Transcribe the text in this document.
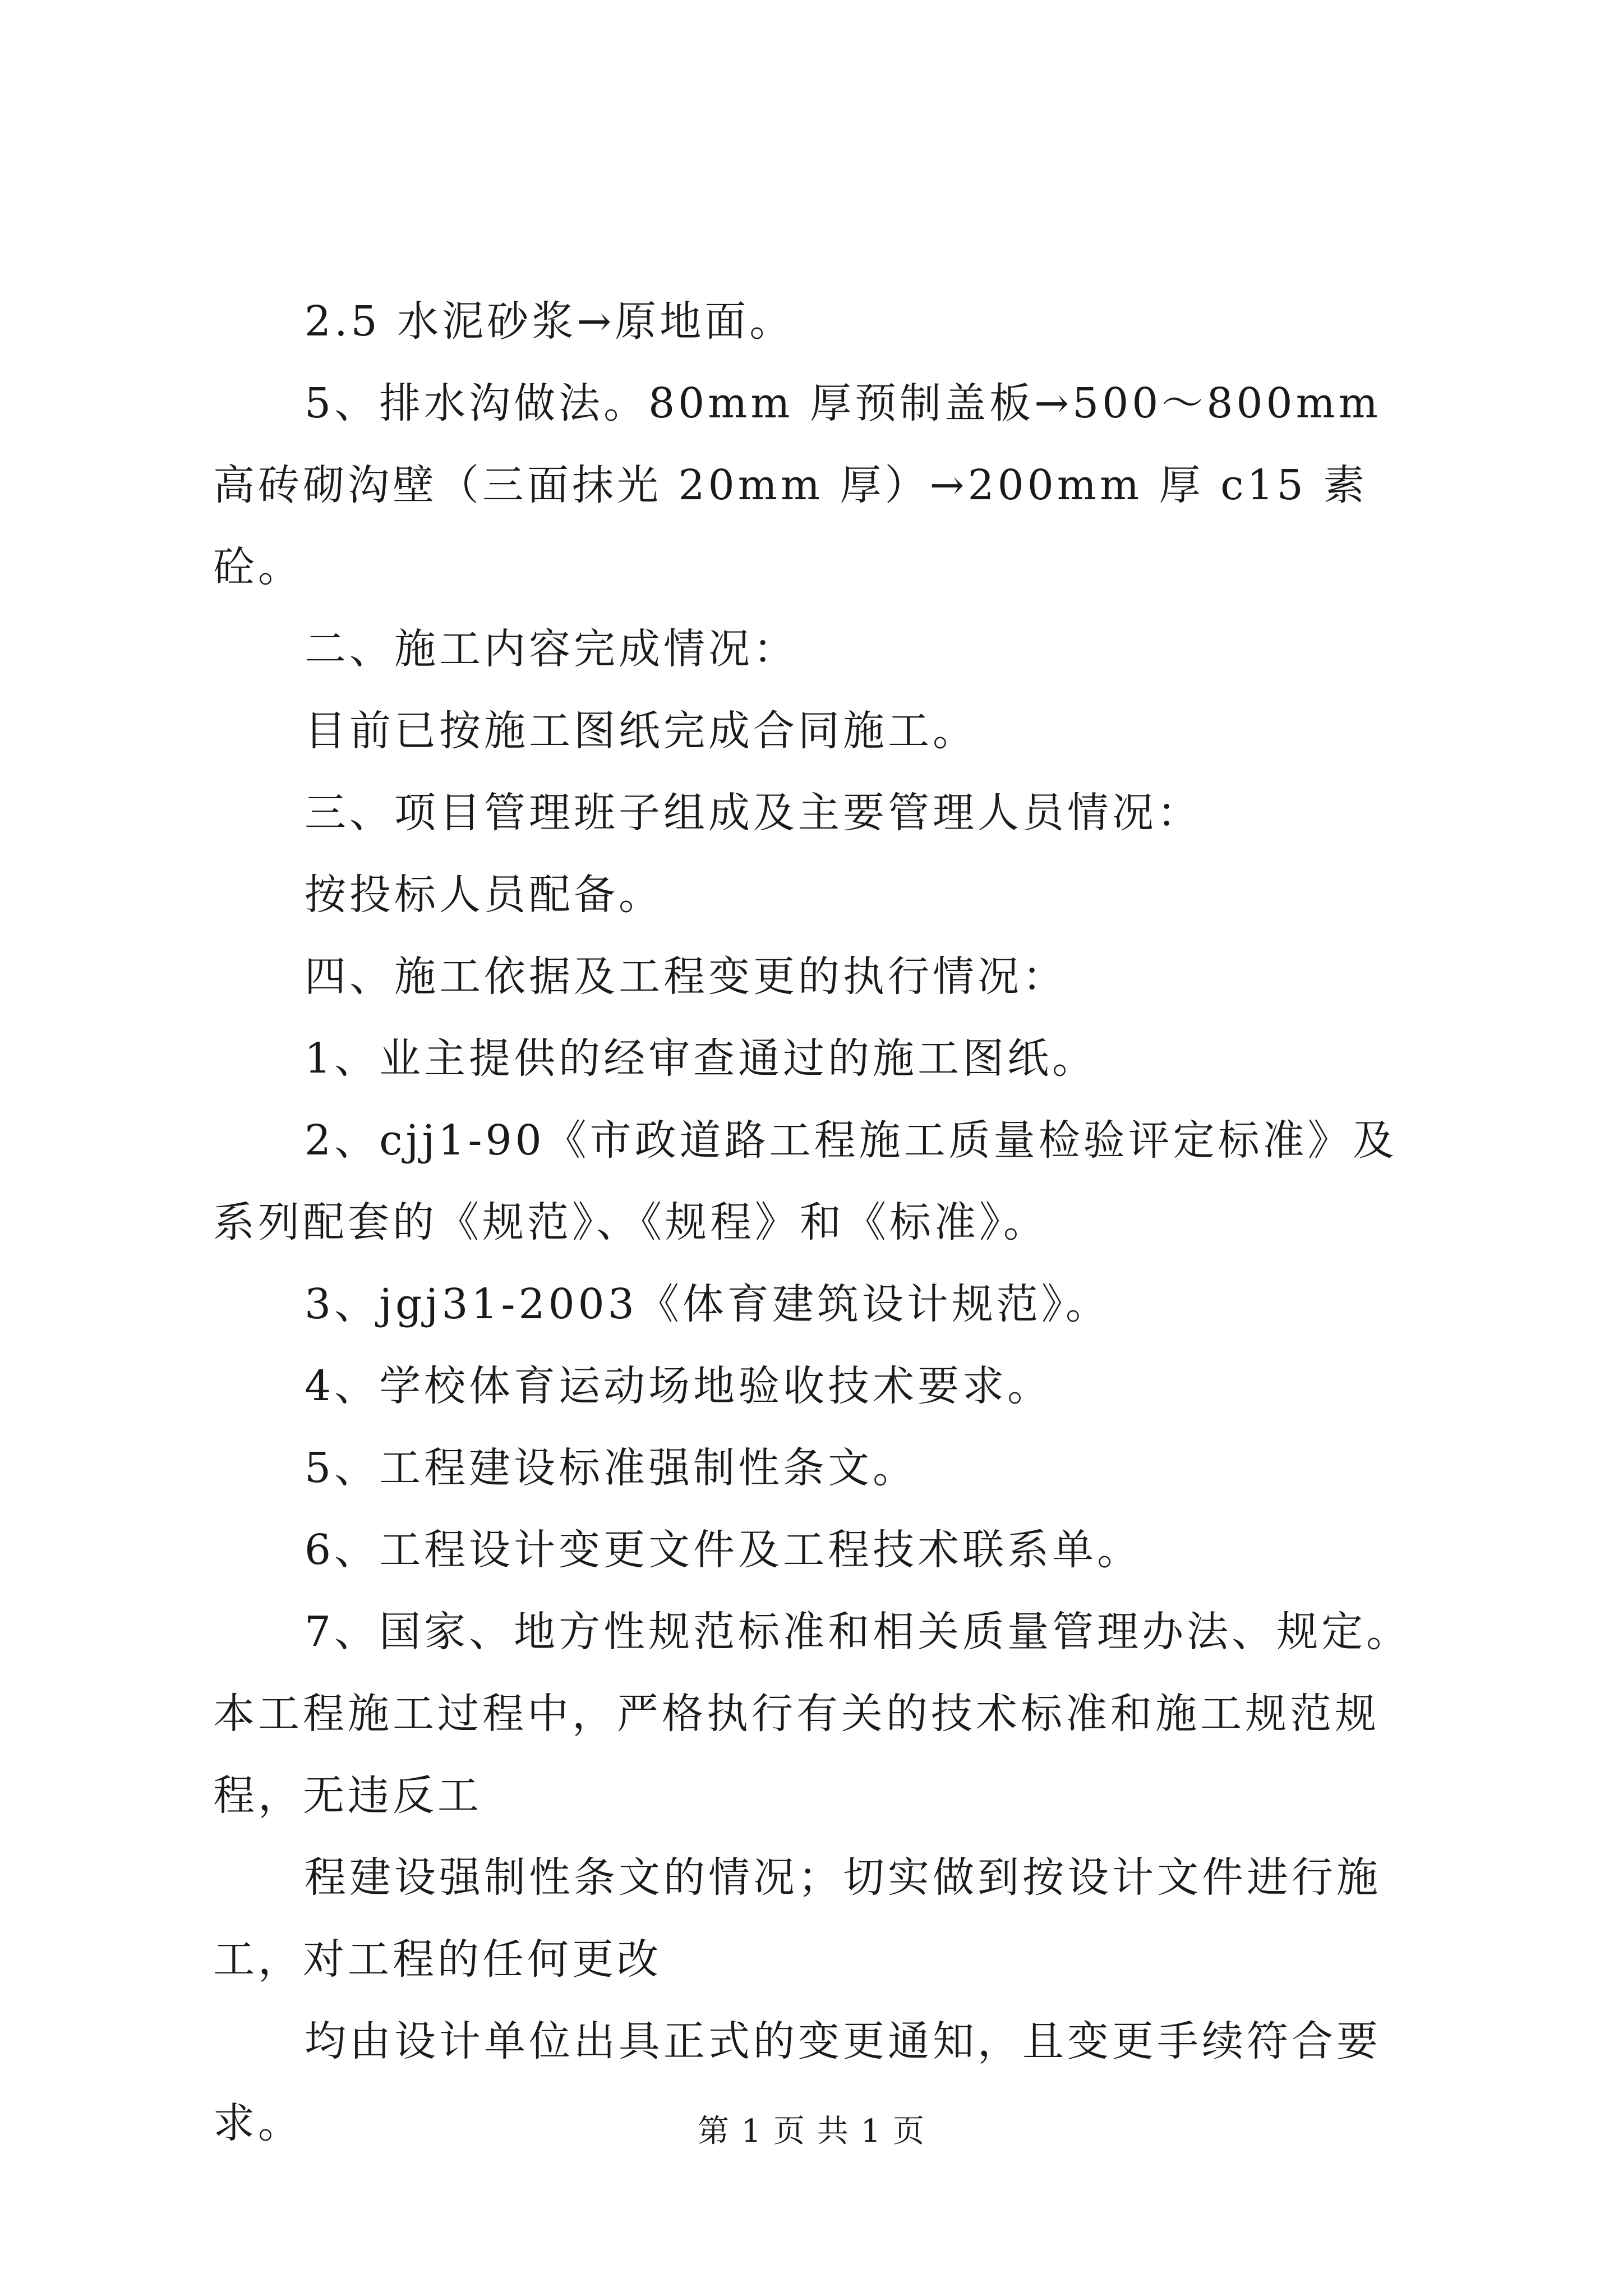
2.5 水泥砂浆→原地面。

5、排水沟做法。80mm 厚预制盖板→500～800mm 高砖砌沟壁（三面抹光 20mm 厚）→200mm 厚 c15 素砼。

二、施工内容完成情况：

目前已按施工图纸完成合同施工。

三、项目管理班子组成及主要管理人员情况：

按投标人员配备。

四、施工依据及工程变更的执行情况：

1、业主提供的经审查通过的施工图纸。

2、cjj1-90《市政道路工程施工质量检验评定标准》及系列配套的《规范》、《规程》和《标准》。

3、jgj31-2003《体育建筑设计规范》。

4、学校体育运动场地验收技术要求。

5、工程建设标准强制性条文。

6、工程设计变更文件及工程技术联系单。

7、国家、地方性规范标准和相关质量管理办法、规定。本工程施工过程中，严格执行有关的技术标准和施工规范规程，无违反工

程建设强制性条文的情况；切实做到按设计文件进行施工，对工程的任何更改

均由设计单位出具正式的变更通知，且变更手续符合要求。	第 1 页 共 1 页
